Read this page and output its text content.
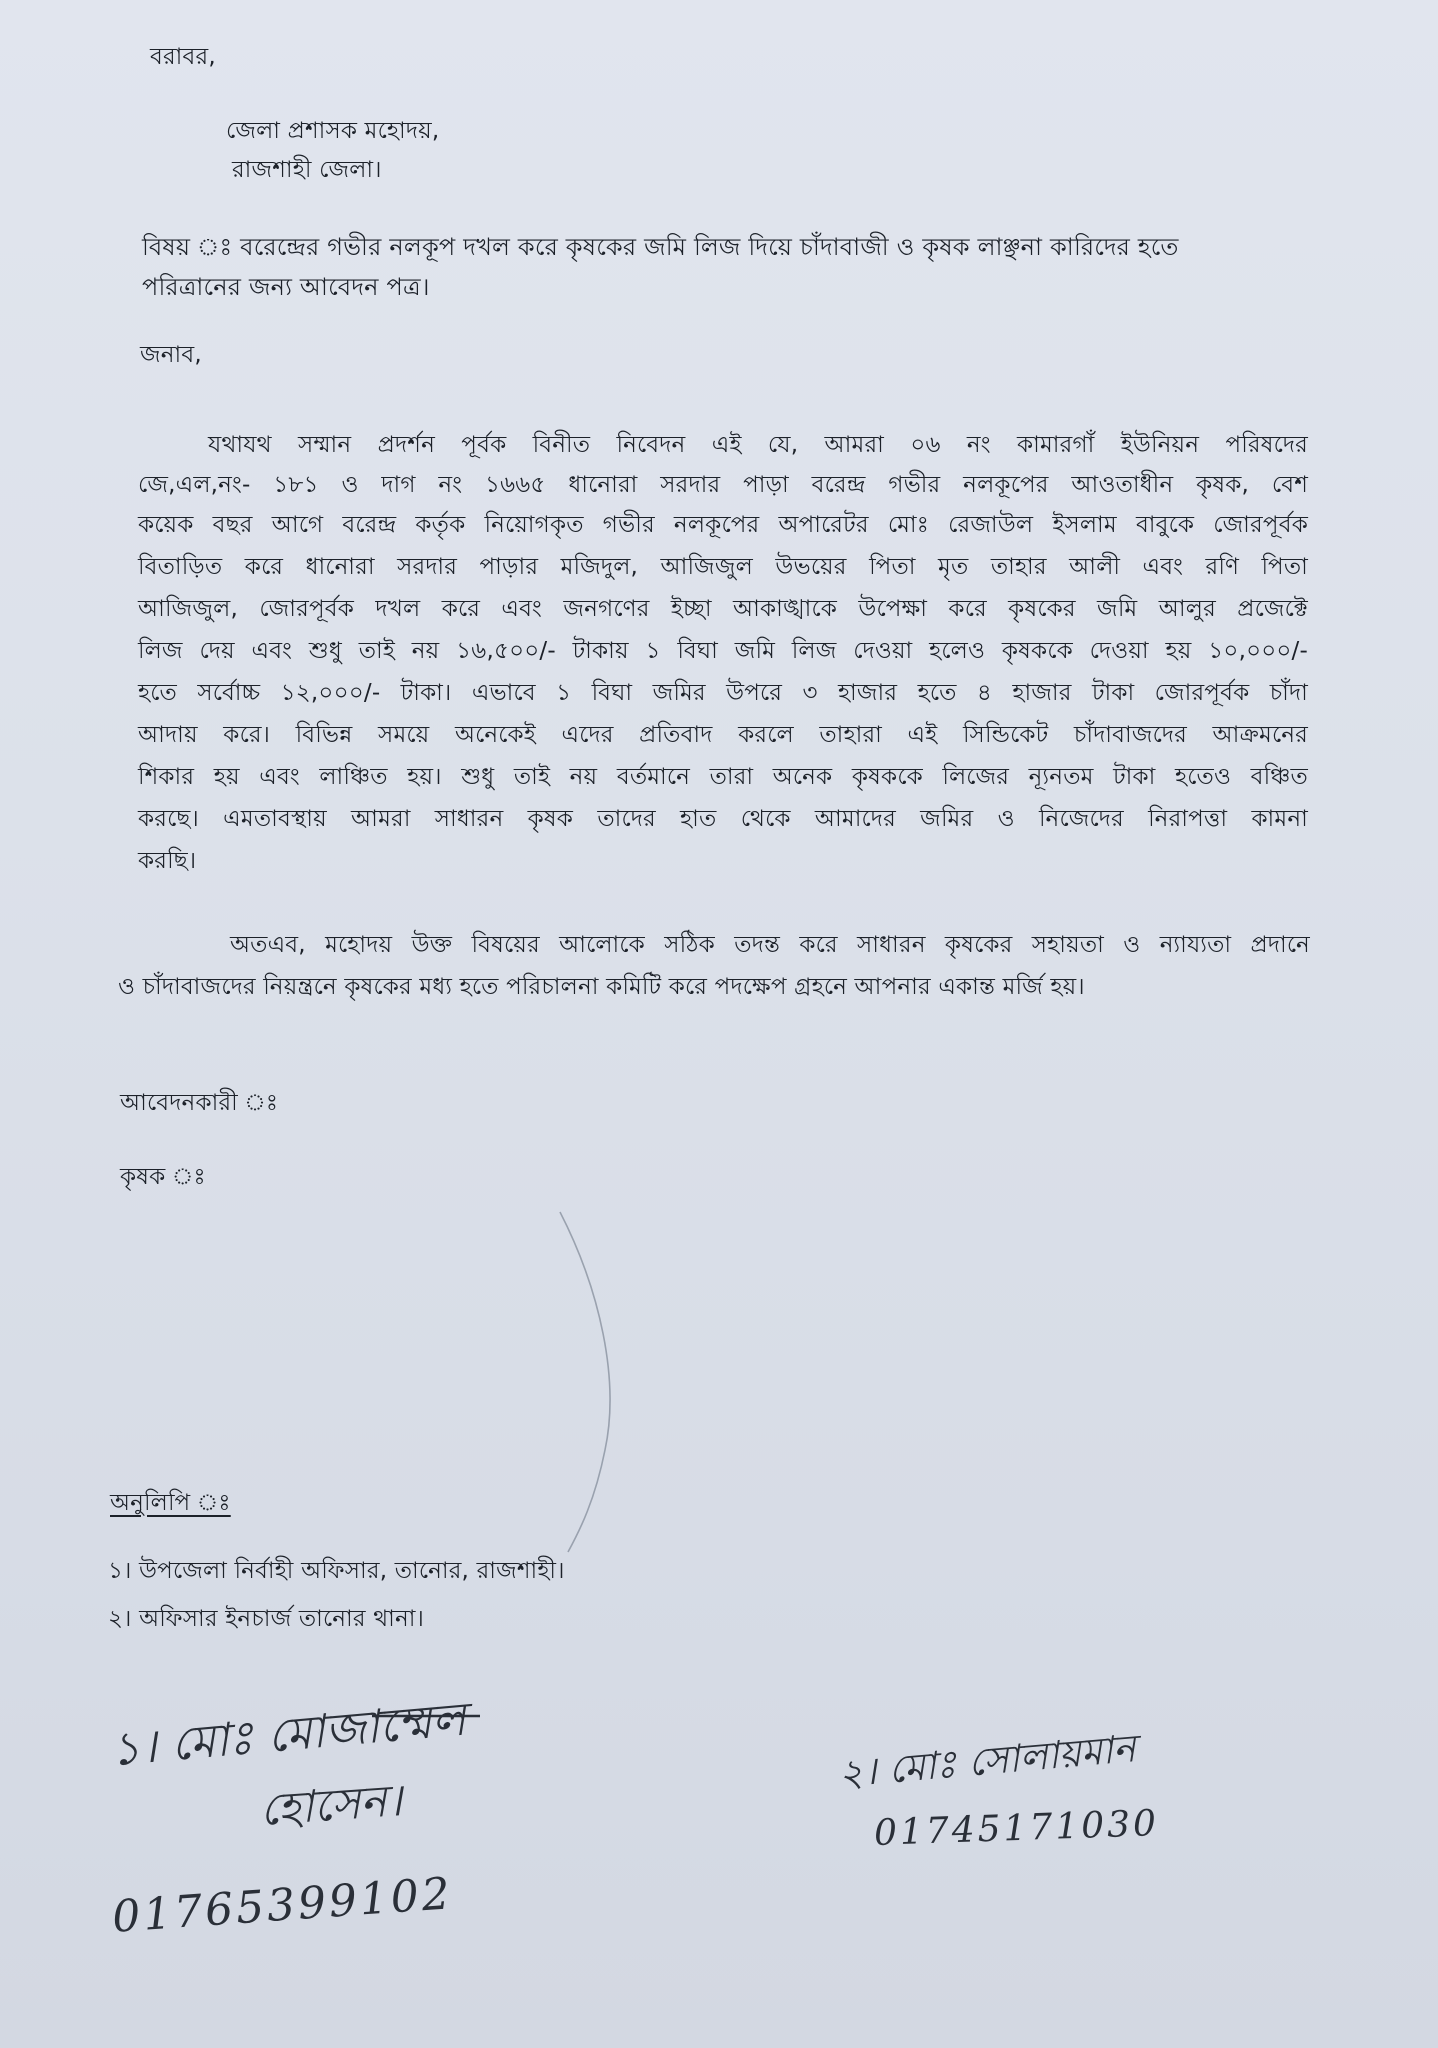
বরাবর,
জেলা প্রশাসক মহোদয়,
রাজশাহী জেলা।
বিষয় ঃ বরেন্দ্রের গভীর নলকূপ দখল করে কৃষকের জমি লিজ দিয়ে চাঁদাবাজী ও কৃষক লাঞ্ছনা কারিদের হতে
পরিত্রানের জন্য আবেদন পত্র।
জনাব,
যথাযথ সম্মান প্রদর্শন পূর্বক বিনীত নিবেদন এই যে, আমরা ০৬ নং কামারগাঁ ইউনিয়ন পরিষদের
জে,এল,নং- ১৮১ ও দাগ নং ১৬৬৫ ধানোরা সরদার পাড়া বরেন্দ্র গভীর নলকূপের আওতাধীন কৃষক, বেশ
কয়েক বছর আগে বরেন্দ্র কর্তৃক নিয়োগকৃত গভীর নলকূপের অপারেটর মোঃ রেজাউল ইসলাম বাবুকে জোরপূর্বক
বিতাড়িত করে ধানোরা সরদার পাড়ার মজিদুল, আজিজুল উভয়ের পিতা মৃত তাহার আলী এবং রণি পিতা
আজিজুল, জোরপূর্বক দখল করে এবং জনগণের ইচ্ছা আকাঙ্খাকে উপেক্ষা করে কৃষকের জমি আলুর প্রজেক্টে
লিজ দেয় এবং শুধু তাই নয় ১৬,৫০০/- টাকায় ১ বিঘা জমি লিজ দেওয়া হলেও কৃষককে দেওয়া হয় ১০,০০০/-
হতে সর্বোচ্চ ১২,০০০/- টাকা। এভাবে ১ বিঘা জমির উপরে ৩ হাজার হতে ৪ হাজার টাকা জোরপূর্বক চাঁদা
আদায় করে। বিভিন্ন সময়ে অনেকেই এদের প্রতিবাদ করলে তাহারা এই সিন্ডিকেট চাঁদাবাজদের আক্রমনের
শিকার হয় এবং লাঞ্চিত হয়। শুধু তাই নয় বর্তমানে তারা অনেক কৃষককে লিজের ন্যূনতম টাকা হতেও বঞ্চিত
করছে। এমতাবস্থায় আমরা সাধারন কৃষক তাদের হাত থেকে আমাদের জমির ও নিজেদের নিরাপত্তা কামনা
করছি।
অতএব, মহোদয় উক্ত বিষয়ের আলোকে সঠিক তদন্ত করে সাধারন কৃষকের সহায়তা ও ন্যায্যতা প্রদানে
ও চাঁদাবাজদের নিয়ন্ত্রনে কৃষকের মধ্য হতে পরিচালনা কমিটি করে পদক্ষেপ গ্রহনে আপনার একান্ত মর্জি হয়।
আবেদনকারী ঃ
কৃষক ঃ
অনুলিপি ঃ
১। উপজেলা নির্বাহী অফিসার, তানোর, রাজশাহী।
২। অফিসার ইনচার্জ তানোর থানা।
১। মোঃ মোজাম্মেল
হোসেন।
01765399102
২। মোঃ সোলায়মান
01745171030
